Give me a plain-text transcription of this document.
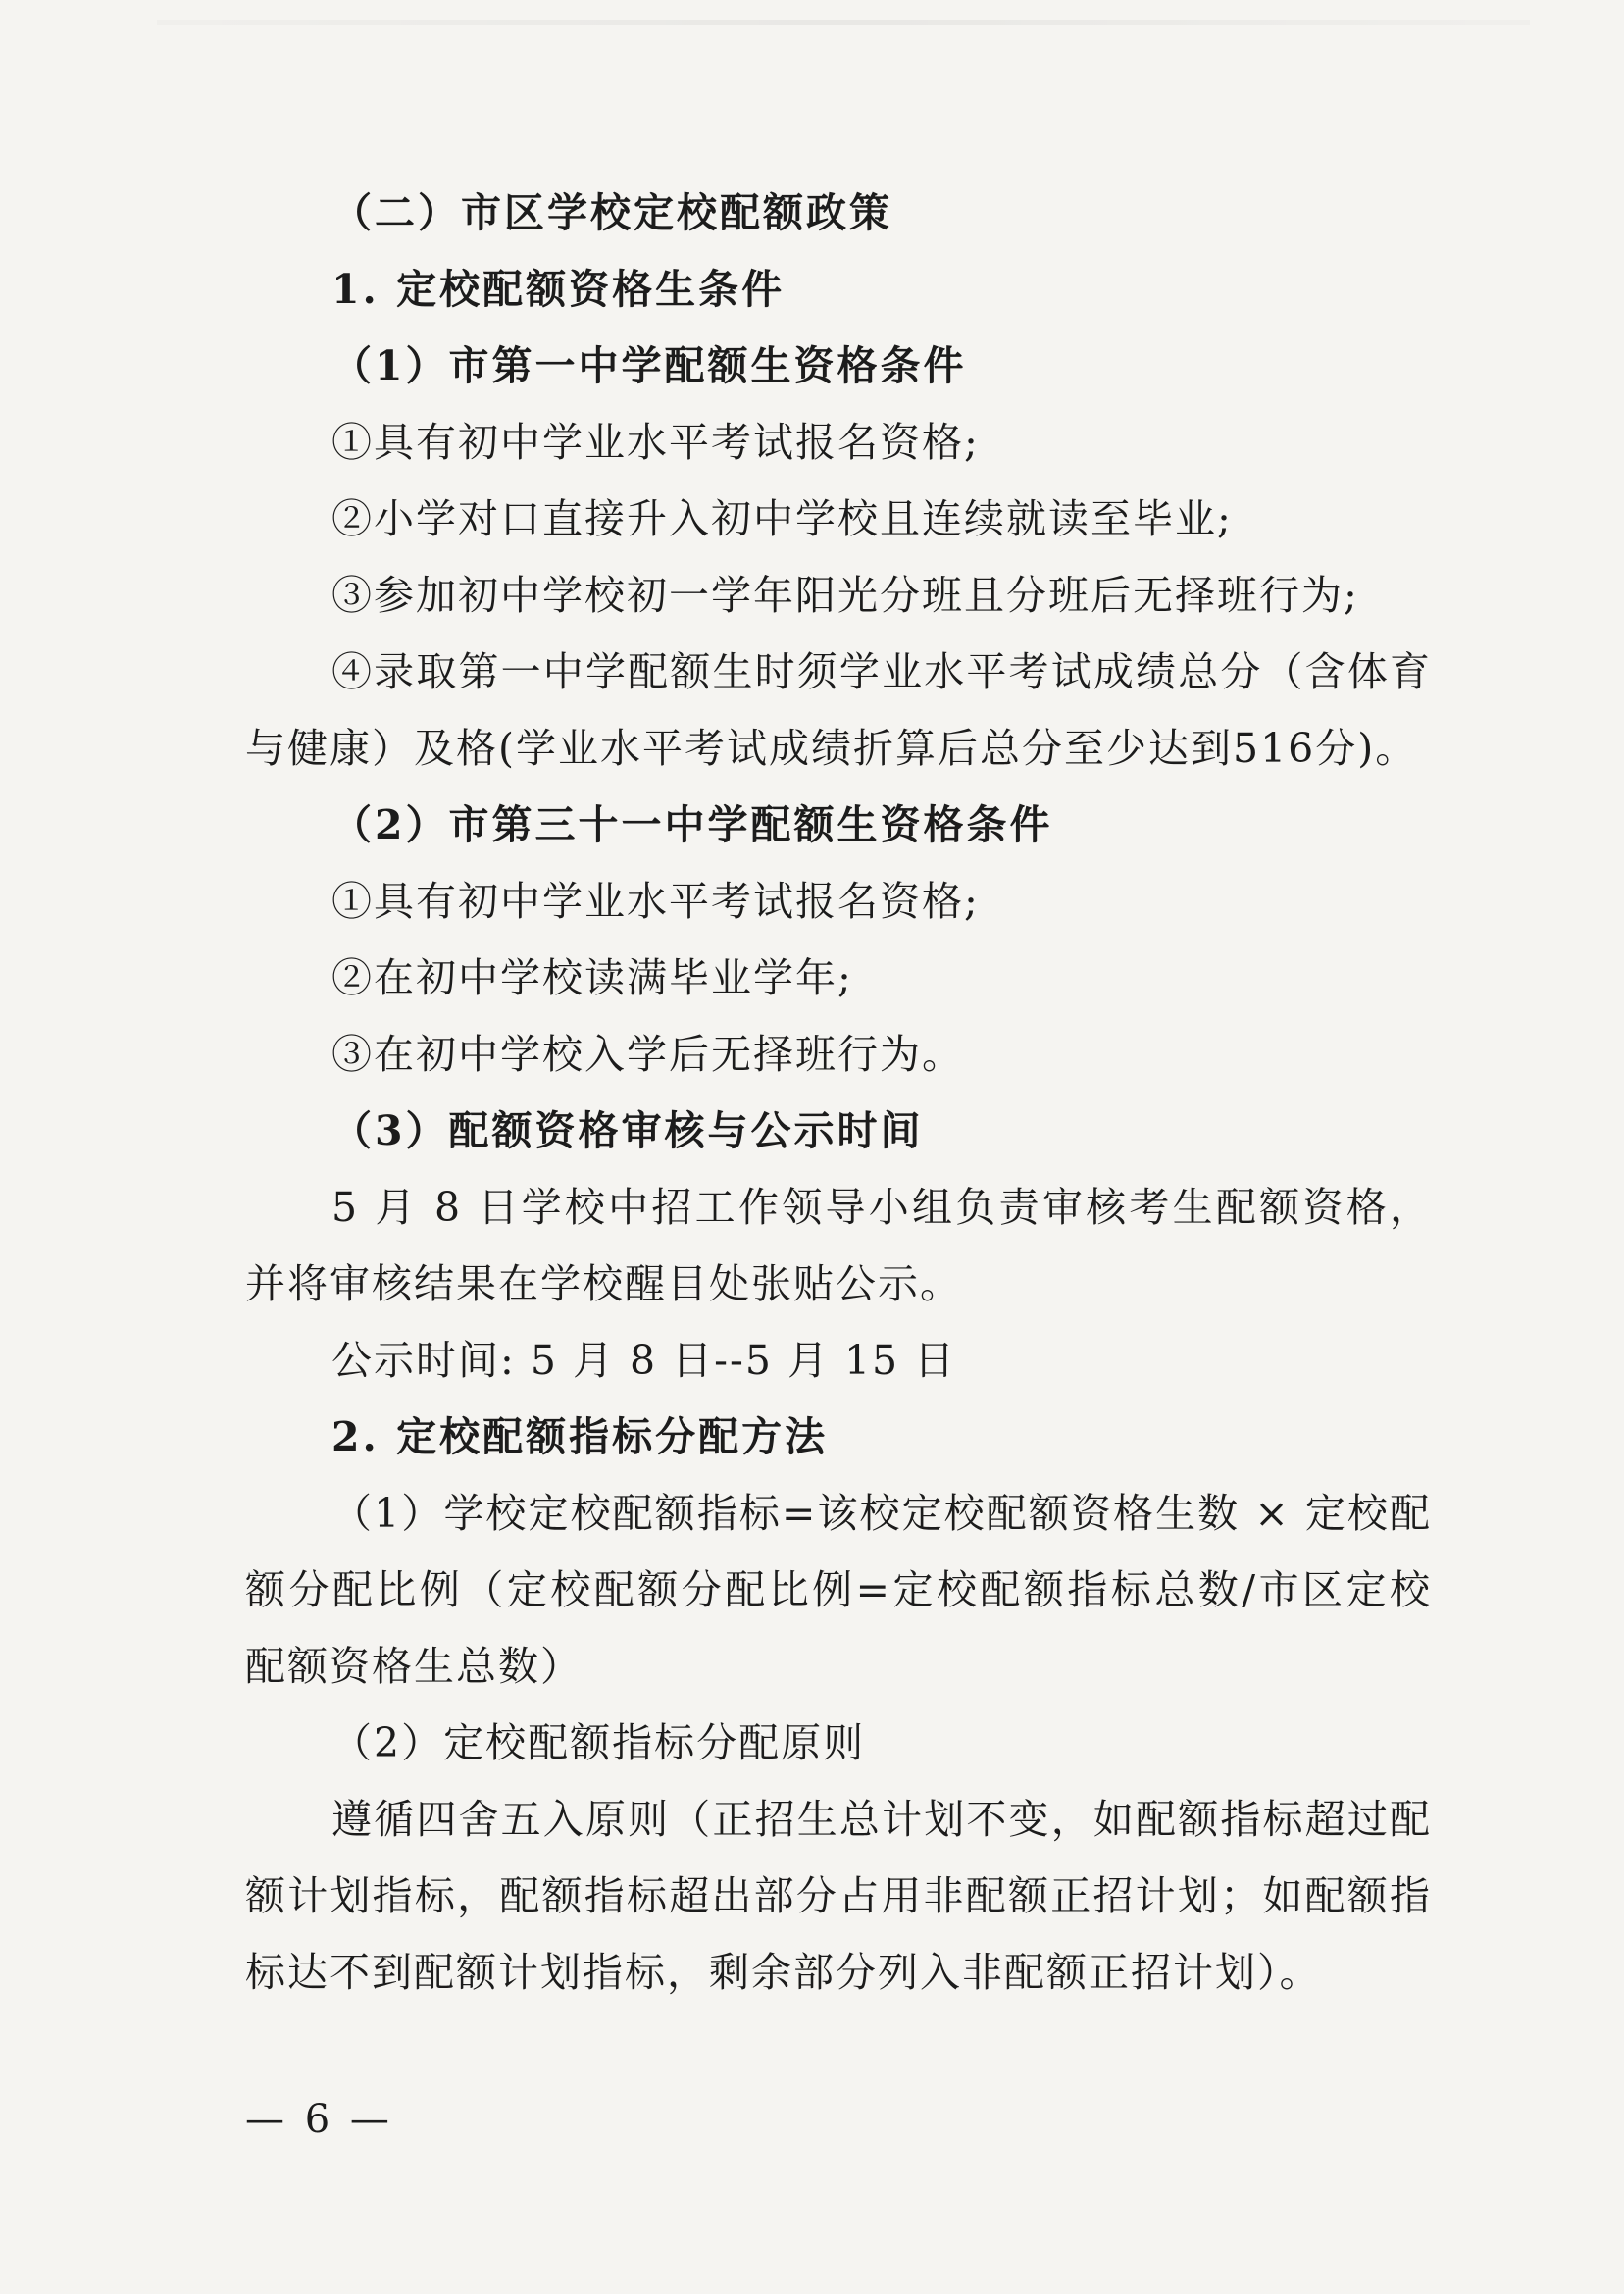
（二）市区学校定校配额政策
1. 定校配额资格生条件
（1）市第一中学配额生资格条件
①具有初中学业水平考试报名资格;
②小学对口直接升入初中学校且连续就读至毕业;
③参加初中学校初一学年阳光分班且分班后无择班行为;
④录取第一中学配额生时须学业水平考试成绩总分（含体育与健康）及格(学业水平考试成绩折算后总分至少达到516分)。
（2）市第三十一中学配额生资格条件
①具有初中学业水平考试报名资格;
②在初中学校读满毕业学年;
③在初中学校入学后无择班行为。
（3）配额资格审核与公示时间
5 月 8 日学校中招工作领导小组负责审核考生配额资格，并将审核结果在学校醒目处张贴公示。
公示时间: 5 月 8 日--5 月 15 日
2. 定校配额指标分配方法
（1）学校定校配额指标=该校定校配额资格生数 × 定校配额分配比例（定校配额分配比例=定校配额指标总数/市区定校配额资格生总数）
（2）定校配额指标分配原则
遵循四舍五入原则（正招生总计划不变，如配额指标超过配额计划指标，配额指标超出部分占用非配额正招计划；如配额指标达不到配额计划指标，剩余部分列入非配额正招计划）。
— 6 —
